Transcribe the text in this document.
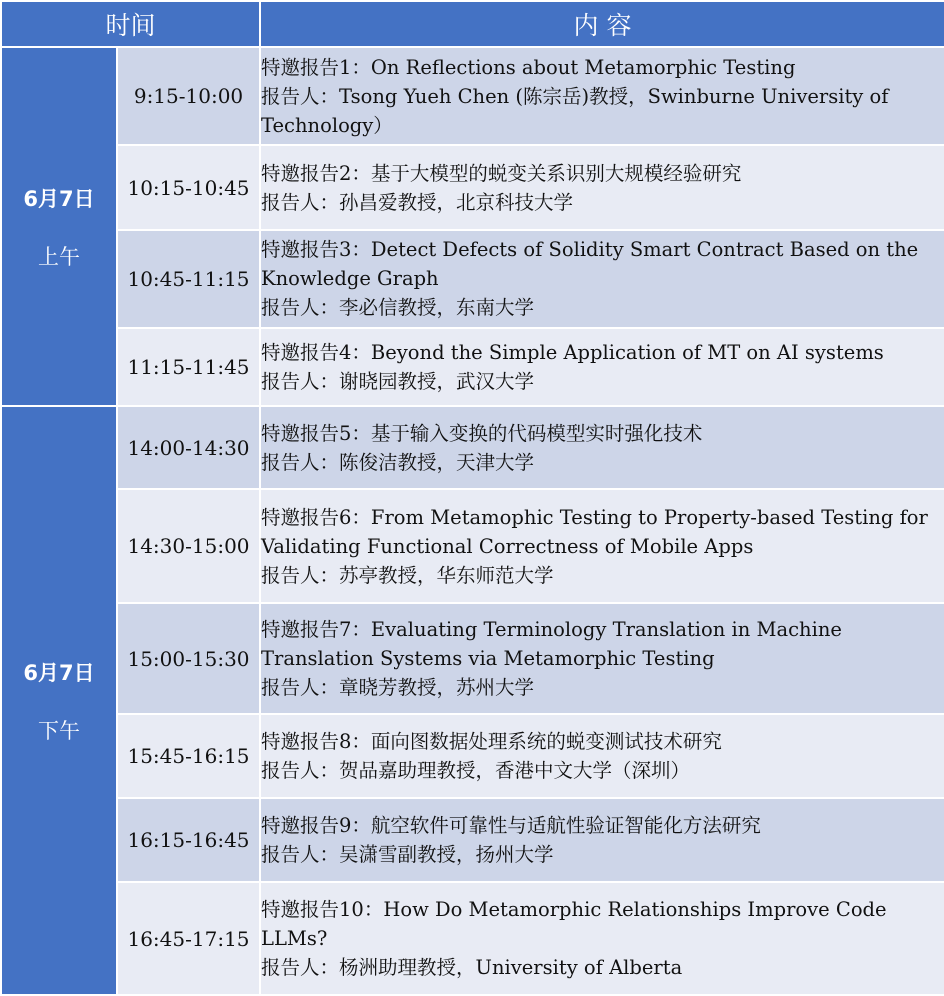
时间		内 容

6月7日
上午	9:15-10:00	特邀报告1：On Reflections about Metamorphic Testing
报告人：Tsong Yueh Chen (陈宗岳)教授，Swinburne University of Technology）

	10:15-10:45	特邀报告2：基于大模型的蜕变关系识别大规模经验研究
报告人：孙昌爱教授，北京科技大学

	10:45-11:15	特邀报告3：Detect Defects of Solidity Smart Contract Based on the Knowledge Graph
报告人：李必信教授，东南大学

	11:15-11:45	特邀报告4：Beyond the Simple Application of MT on AI systems
报告人：谢晓园教授，武汉大学

6月7日
下午	14:00-14:30	特邀报告5：基于输入变换的代码模型实时强化技术
报告人：陈俊洁教授，天津大学

	14:30-15:00	特邀报告6：From Metamophic Testing to Property-based Testing for Validating Functional Correctness of Mobile Apps
报告人：苏亭教授，华东师范大学

	15:00-15:30	特邀报告7：Evaluating Terminology Translation in Machine Translation Systems via Metamorphic Testing
报告人：章晓芳教授，苏州大学

	15:45-16:15	特邀报告8：面向图数据处理系统的蜕变测试技术研究
报告人：贺品嘉助理教授，香港中文大学（深圳）

	16:15-16:45	特邀报告9：航空软件可靠性与适航性验证智能化方法研究
报告人：吴潇雪副教授，扬州大学

	16:45-17:15	特邀报告10：How Do Metamorphic Relationships Improve Code LLMs?
报告人：杨洲助理教授，University of Alberta
